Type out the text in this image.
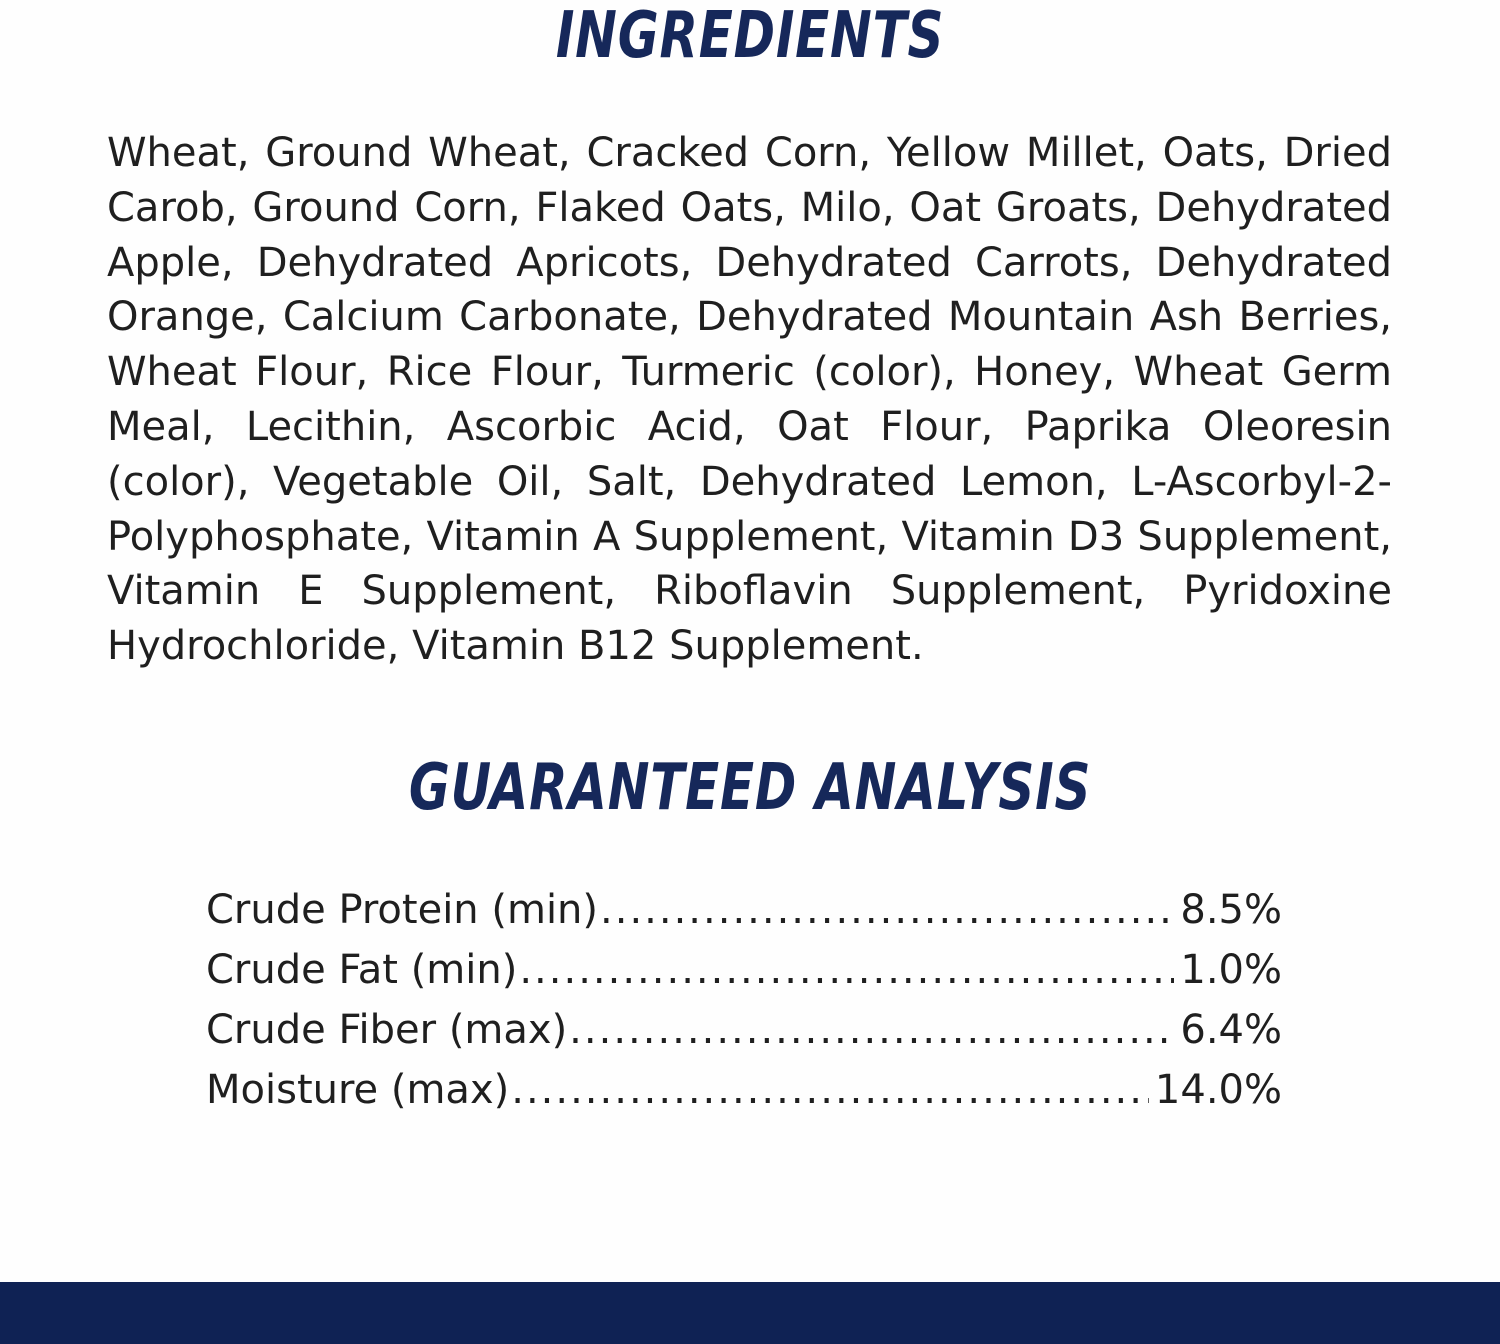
INGREDIENTS

Wheat, Ground Wheat, Cracked Corn, Yellow Millet, Oats, Dried Carob, Ground Corn, Flaked Oats, Milo, Oat Groats, Dehydrated Apple, Dehydrated Apricots, Dehydrated Carrots, Dehydrated Orange, Calcium Carbonate, Dehydrated Mountain Ash Berries, Wheat Flour, Rice Flour, Turmeric (color), Honey, Wheat Germ Meal, Lecithin, Ascorbic Acid, Oat Flour, Paprika Oleoresin (color), Vegetable Oil, Salt, Dehydrated Lemon, L-Ascorbyl-2-Polyphosphate, Vitamin A Supplement, Vitamin D3 Supplement, Vitamin E Supplement, Riboflavin Supplement, Pyridoxine Hydrochloride, Vitamin B12 Supplement.

GUARANTEED ANALYSIS
Crude Protein (min) .....	8.5%
Crude Fat (min) .....	1.0%
Crude Fiber (max) .....	6.4%
Moisture (max) .....	14.0%
